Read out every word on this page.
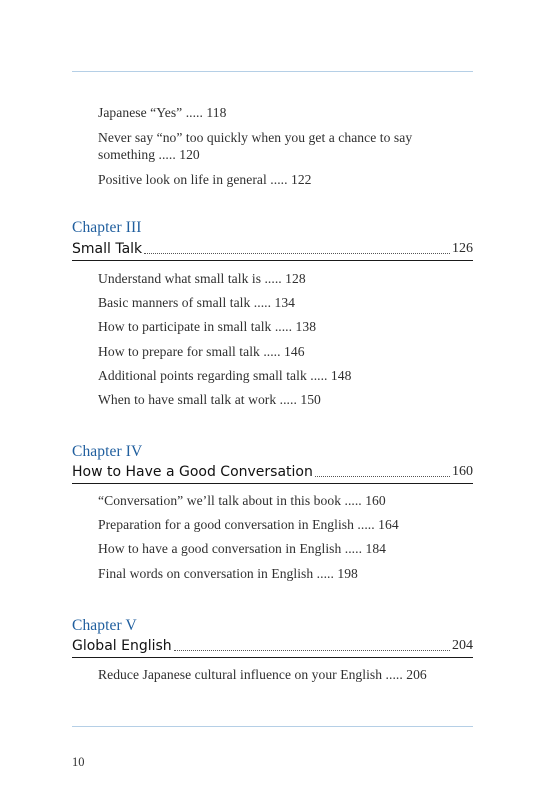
Japanese “Yes” ..... 118
Never say “no” too quickly when you get a chance to say
something ..... 120
Positive look on life in general ..... 122
Chapter III
Small Talk	126
Understand what small talk is ..... 128
Basic manners of small talk ..... 134
How to participate in small talk ..... 138
How to prepare for small talk ..... 146
Additional points regarding small talk ..... 148
When to have small talk at work ..... 150
Chapter IV
How to Have a Good Conversation	160
“Conversation” we’ll talk about in this book ..... 160
Preparation for a good conversation in English ..... 164
How to have a good conversation in English ..... 184
Final words on conversation in English ..... 198
Chapter V
Global English	204
Reduce Japanese cultural influence on your English ..... 206
10
